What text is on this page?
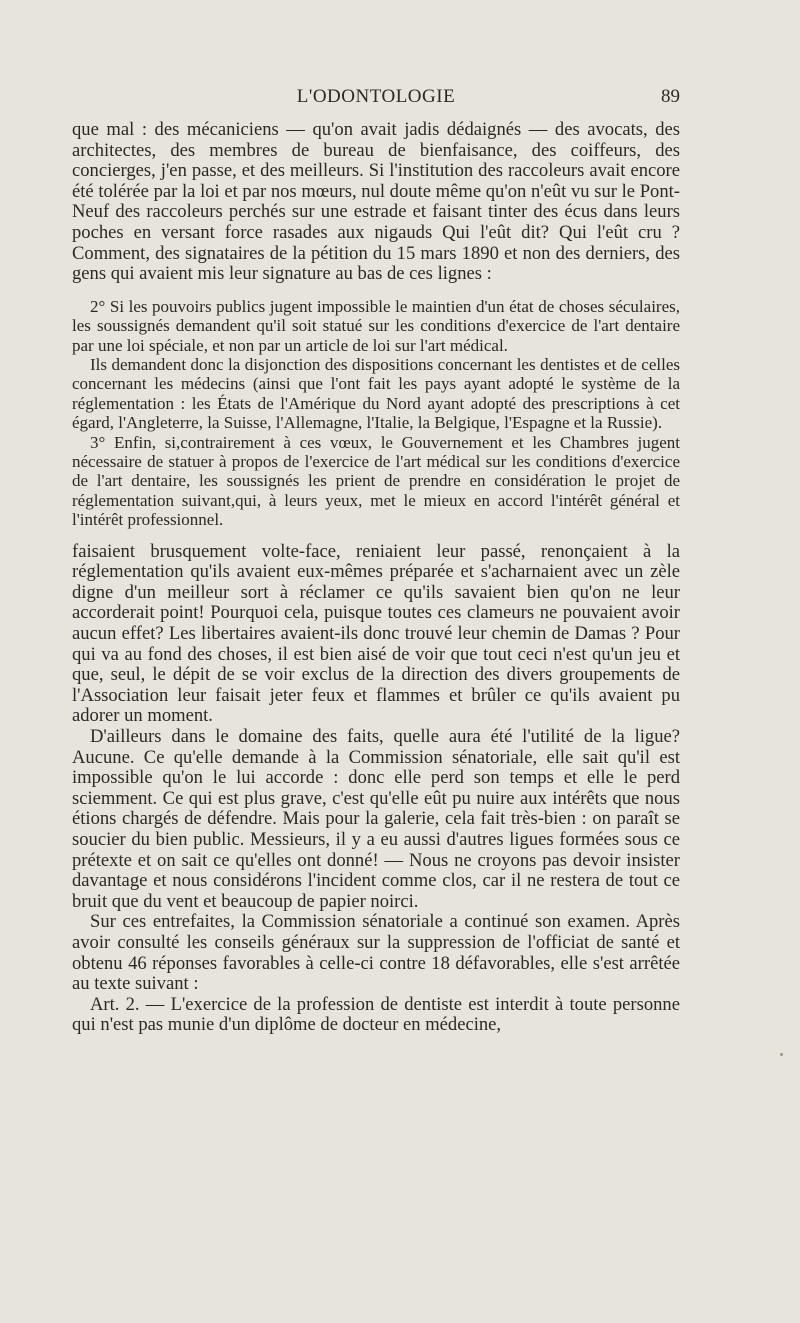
L'ODONTOLOGIE	89

que mal : des mécaniciens — qu'on avait jadis dédaignés — des avocats, des architectes, des membres de bureau de bienfaisance, des coiffeurs, des concierges, j'en passe, et des meilleurs. Si l'institution des raccoleurs avait encore été tolérée par la loi et par nos mœurs, nul doute même qu'on n'eût vu sur le Pont-Neuf des raccoleurs perchés sur une estrade et faisant tinter des écus dans leurs poches en versant force rasades aux nigauds Qui l'eût dit? Qui l'eût cru ? Comment, des signataires de la pétition du 15 mars 1890 et non des derniers, des gens qui avaient mis leur signature au bas de ces lignes :

2° Si les pouvoirs publics jugent impossible le maintien d'un état de choses séculaires, les soussignés demandent qu'il soit statué sur les conditions d'exercice de l'art dentaire par une loi spéciale, et non par un article de loi sur l'art médical.

Ils demandent donc la disjonction des dispositions concernant les dentistes et de celles concernant les médecins (ainsi que l'ont fait les pays ayant adopté le système de la réglementation : les États de l'Amérique du Nord ayant adopté des prescriptions à cet égard, l'Angleterre, la Suisse, l'Allemagne, l'Italie, la Belgique, l'Espagne et la Russie).

3° Enfin, si,contrairement à ces vœux, le Gouvernement et les Chambres jugent nécessaire de statuer à propos de l'exercice de l'art médical sur les conditions d'exercice de l'art dentaire, les soussignés les prient de prendre en considération le projet de réglementation suivant,qui, à leurs yeux, met le mieux en accord l'intérêt général et l'intérêt professionnel.

faisaient brusquement volte-face, reniaient leur passé, renonçaient à la réglementation qu'ils avaient eux-mêmes préparée et s'acharnaient avec un zèle digne d'un meilleur sort à réclamer ce qu'ils savaient bien qu'on ne leur accorderait point! Pourquoi cela, puisque toutes ces clameurs ne pouvaient avoir aucun effet? Les libertaires avaient-ils donc trouvé leur chemin de Damas ? Pour qui va au fond des choses, il est bien aisé de voir que tout ceci n'est qu'un jeu et que, seul, le dépit de se voir exclus de la direction des divers groupements de l'Association leur faisait jeter feux et flammes et brûler ce qu'ils avaient pu adorer un moment.

D'ailleurs dans le domaine des faits, quelle aura été l'utilité de la ligue? Aucune. Ce qu'elle demande à la Commission sénatoriale, elle sait qu'il est impossible qu'on le lui accorde : donc elle perd son temps et elle le perd sciemment. Ce qui est plus grave, c'est qu'elle eût pu nuire aux intérêts que nous étions chargés de défendre. Mais pour la galerie, cela fait très-bien : on paraît se soucier du bien public. Messieurs, il y a eu aussi d'autres ligues formées sous ce prétexte et on sait ce qu'elles ont donné! — Nous ne croyons pas devoir insister davantage et nous considérons l'incident comme clos, car il ne restera de tout ce bruit que du vent et beaucoup de papier noirci.

Sur ces entrefaites, la Commission sénatoriale a continué son examen. Après avoir consulté les conseils généraux sur la suppression de l'officiat de santé et obtenu 46 réponses favorables à celle-ci contre 18 défavorables, elle s'est arrêtée au texte suivant :

Art. 2. — L'exercice de la profession de dentiste est interdit à toute personne qui n'est pas munie d'un diplôme de docteur en médecine,
